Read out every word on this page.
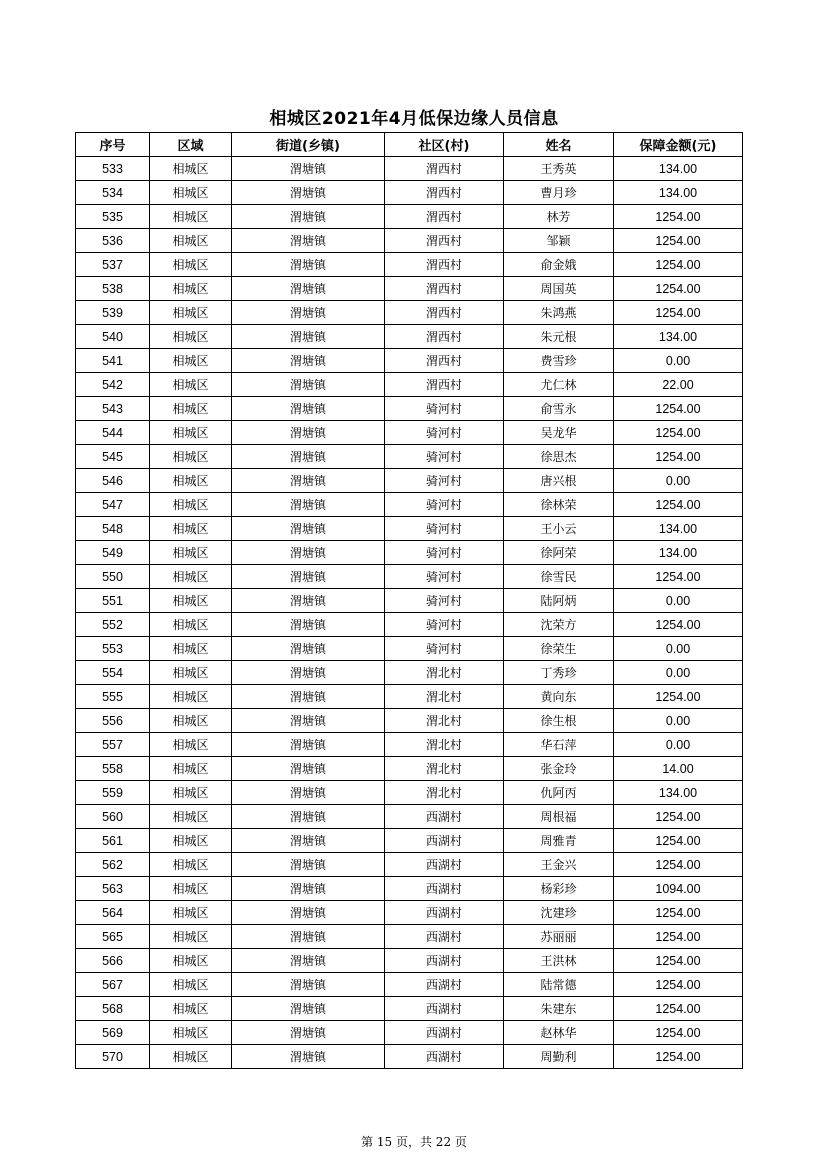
相城区2021年4月低保边缘人员信息
序号	区域	街道(乡镇)	社区(村)	姓名	保障金额(元)
533	相城区	渭塘镇	渭西村	王秀英	134.00
534	相城区	渭塘镇	渭西村	曹月珍	134.00
535	相城区	渭塘镇	渭西村	林芳	1254.00
536	相城区	渭塘镇	渭西村	邹颖	1254.00
537	相城区	渭塘镇	渭西村	俞金娥	1254.00
538	相城区	渭塘镇	渭西村	周国英	1254.00
539	相城区	渭塘镇	渭西村	朱鸿燕	1254.00
540	相城区	渭塘镇	渭西村	朱元根	134.00
541	相城区	渭塘镇	渭西村	费雪珍	0.00
542	相城区	渭塘镇	渭西村	尤仁林	22.00
543	相城区	渭塘镇	骑河村	俞雪永	1254.00
544	相城区	渭塘镇	骑河村	吴龙华	1254.00
545	相城区	渭塘镇	骑河村	徐思杰	1254.00
546	相城区	渭塘镇	骑河村	唐兴根	0.00
547	相城区	渭塘镇	骑河村	徐林荣	1254.00
548	相城区	渭塘镇	骑河村	王小云	134.00
549	相城区	渭塘镇	骑河村	徐阿荣	134.00
550	相城区	渭塘镇	骑河村	徐雪民	1254.00
551	相城区	渭塘镇	骑河村	陆阿炳	0.00
552	相城区	渭塘镇	骑河村	沈荣方	1254.00
553	相城区	渭塘镇	骑河村	徐荣生	0.00
554	相城区	渭塘镇	渭北村	丁秀珍	0.00
555	相城区	渭塘镇	渭北村	黄向东	1254.00
556	相城区	渭塘镇	渭北村	徐生根	0.00
557	相城区	渭塘镇	渭北村	华石萍	0.00
558	相城区	渭塘镇	渭北村	张金玲	14.00
559	相城区	渭塘镇	渭北村	仇阿丙	134.00
560	相城区	渭塘镇	西湖村	周根福	1254.00
561	相城区	渭塘镇	西湖村	周雅青	1254.00
562	相城区	渭塘镇	西湖村	王金兴	1254.00
563	相城区	渭塘镇	西湖村	杨彩珍	1094.00
564	相城区	渭塘镇	西湖村	沈建珍	1254.00
565	相城区	渭塘镇	西湖村	苏丽丽	1254.00
566	相城区	渭塘镇	西湖村	王洪林	1254.00
567	相城区	渭塘镇	西湖村	陆常德	1254.00
568	相城区	渭塘镇	西湖村	朱建东	1254.00
569	相城区	渭塘镇	西湖村	赵林华	1254.00
570	相城区	渭塘镇	西湖村	周勤利	1254.00
第 15 页，共 22 页
